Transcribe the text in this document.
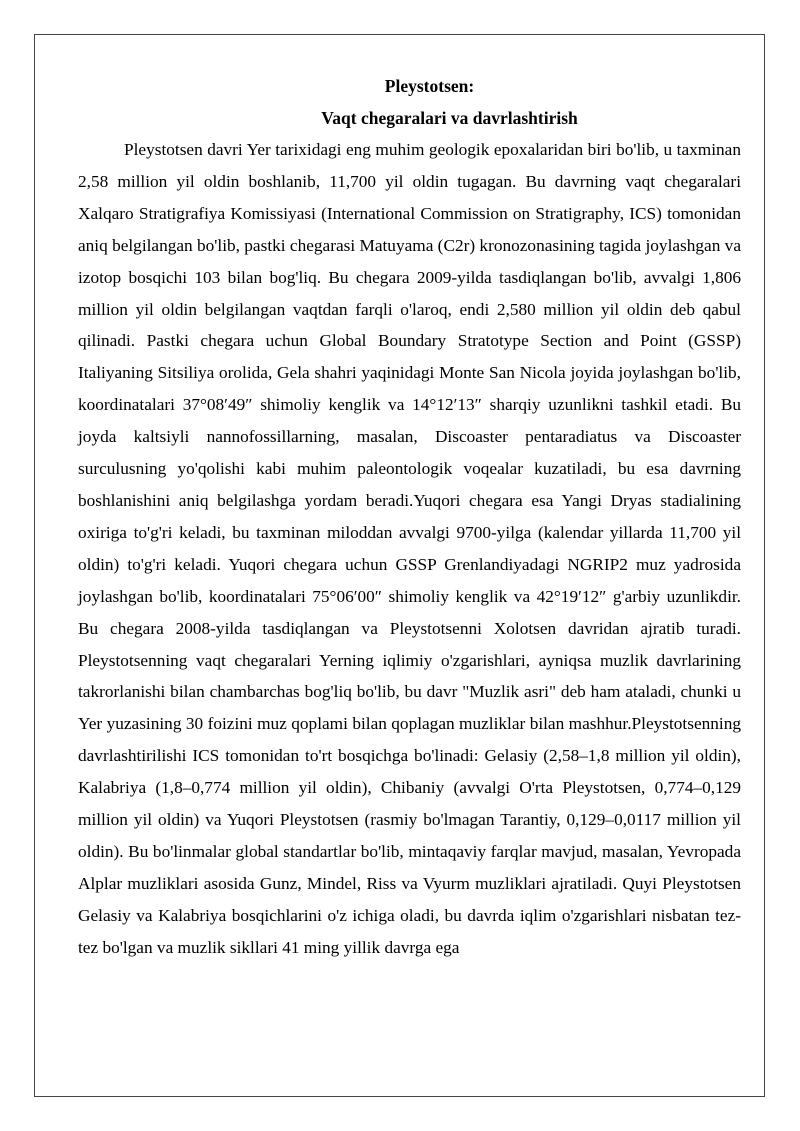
Pleystotsen:
Vaqt chegaralari va davrlashtirish

Pleystotsen davri Yer tarixidagi eng muhim geologik epoxalaridan biri bo'lib, u taxminan 2,58 million yil oldin boshlanib, 11,700 yil oldin tugagan. Bu davrning vaqt chegaralari Xalqaro Stratigrafiya Komissiyasi (International Commission on Stratigraphy, ICS) tomonidan aniq belgilangan bo'lib, pastki chegarasi Matuyama (C2r) kronozonasining tagida joylashgan va izotop bosqichi 103 bilan bog'liq. Bu chegara 2009-yilda tasdiqlangan bo'lib, avvalgi 1,806 million yil oldin belgilangan vaqtdan farqli o'laroq, endi 2,580 million yil oldin deb qabul qilinadi. Pastki chegara uchun Global Boundary Stratotype Section and Point (GSSP) Italiyaning Sitsiliya orolida, Gela shahri yaqinidagi Monte San Nicola joyida joylashgan bo'lib, koordinatalari 37°08′49″ shimoliy kenglik va 14°12′13″ sharqiy uzunlikni tashkil etadi. Bu joyda kaltsiyli nannofossillarning, masalan, Discoaster pentaradiatus va Discoaster surculusning yo'qolishi kabi muhim paleontologik voqealar kuzatiladi, bu esa davrning boshlanishini aniq belgilashga yordam beradi.Yuqori chegara esa Yangi Dryas stadialining oxiriga to'g'ri keladi, bu taxminan miloddan avvalgi 9700-yilga (kalendar yillarda 11,700 yil oldin) to'g'ri keladi. Yuqori chegara uchun GSSP Grenlandiyadagi NGRIP2 muz yadrosida joylashgan bo'lib, koordinatalari 75°06′00″ shimoliy kenglik va 42°19′12″ g'arbiy uzunlikdir. Bu chegara 2008-yilda tasdiqlangan va Pleystotsenni Xolotsen davridan ajratib turadi. Pleystotsenning vaqt chegaralari Yerning iqlimiy o'zgarishlari, ayniqsa muzlik davrlarining takrorlanishi bilan chambarchas bog'liq bo'lib, bu davr "Muzlik asri" deb ham ataladi, chunki u Yer yuzasining 30 foizini muz qoplami bilan qoplagan muzliklar bilan mashhur.Pleystotsenning davrlashtirilishi ICS tomonidan to'rt bosqichga bo'linadi: Gelasiy (2,58–1,8 million yil oldin), Kalabriya (1,8–0,774 million yil oldin), Chibaniy (avvalgi O'rta Pleystotsen, 0,774–0,129 million yil oldin) va Yuqori Pleystotsen (rasmiy bo'lmagan Tarantiy, 0,129–0,0117 million yil oldin). Bu bo'linmalar global standartlar bo'lib, mintaqaviy farqlar mavjud, masalan, Yevropada Alplar muzliklari asosida Gunz, Mindel, Riss va Vyurm muzliklari ajratiladi. Quyi Pleystotsen Gelasiy va Kalabriya bosqichlarini o'z ichiga oladi, bu davrda iqlim o'zgarishlari nisbatan tez-tez bo'lgan va muzlik sikllari 41 ming yillik davrga ega
